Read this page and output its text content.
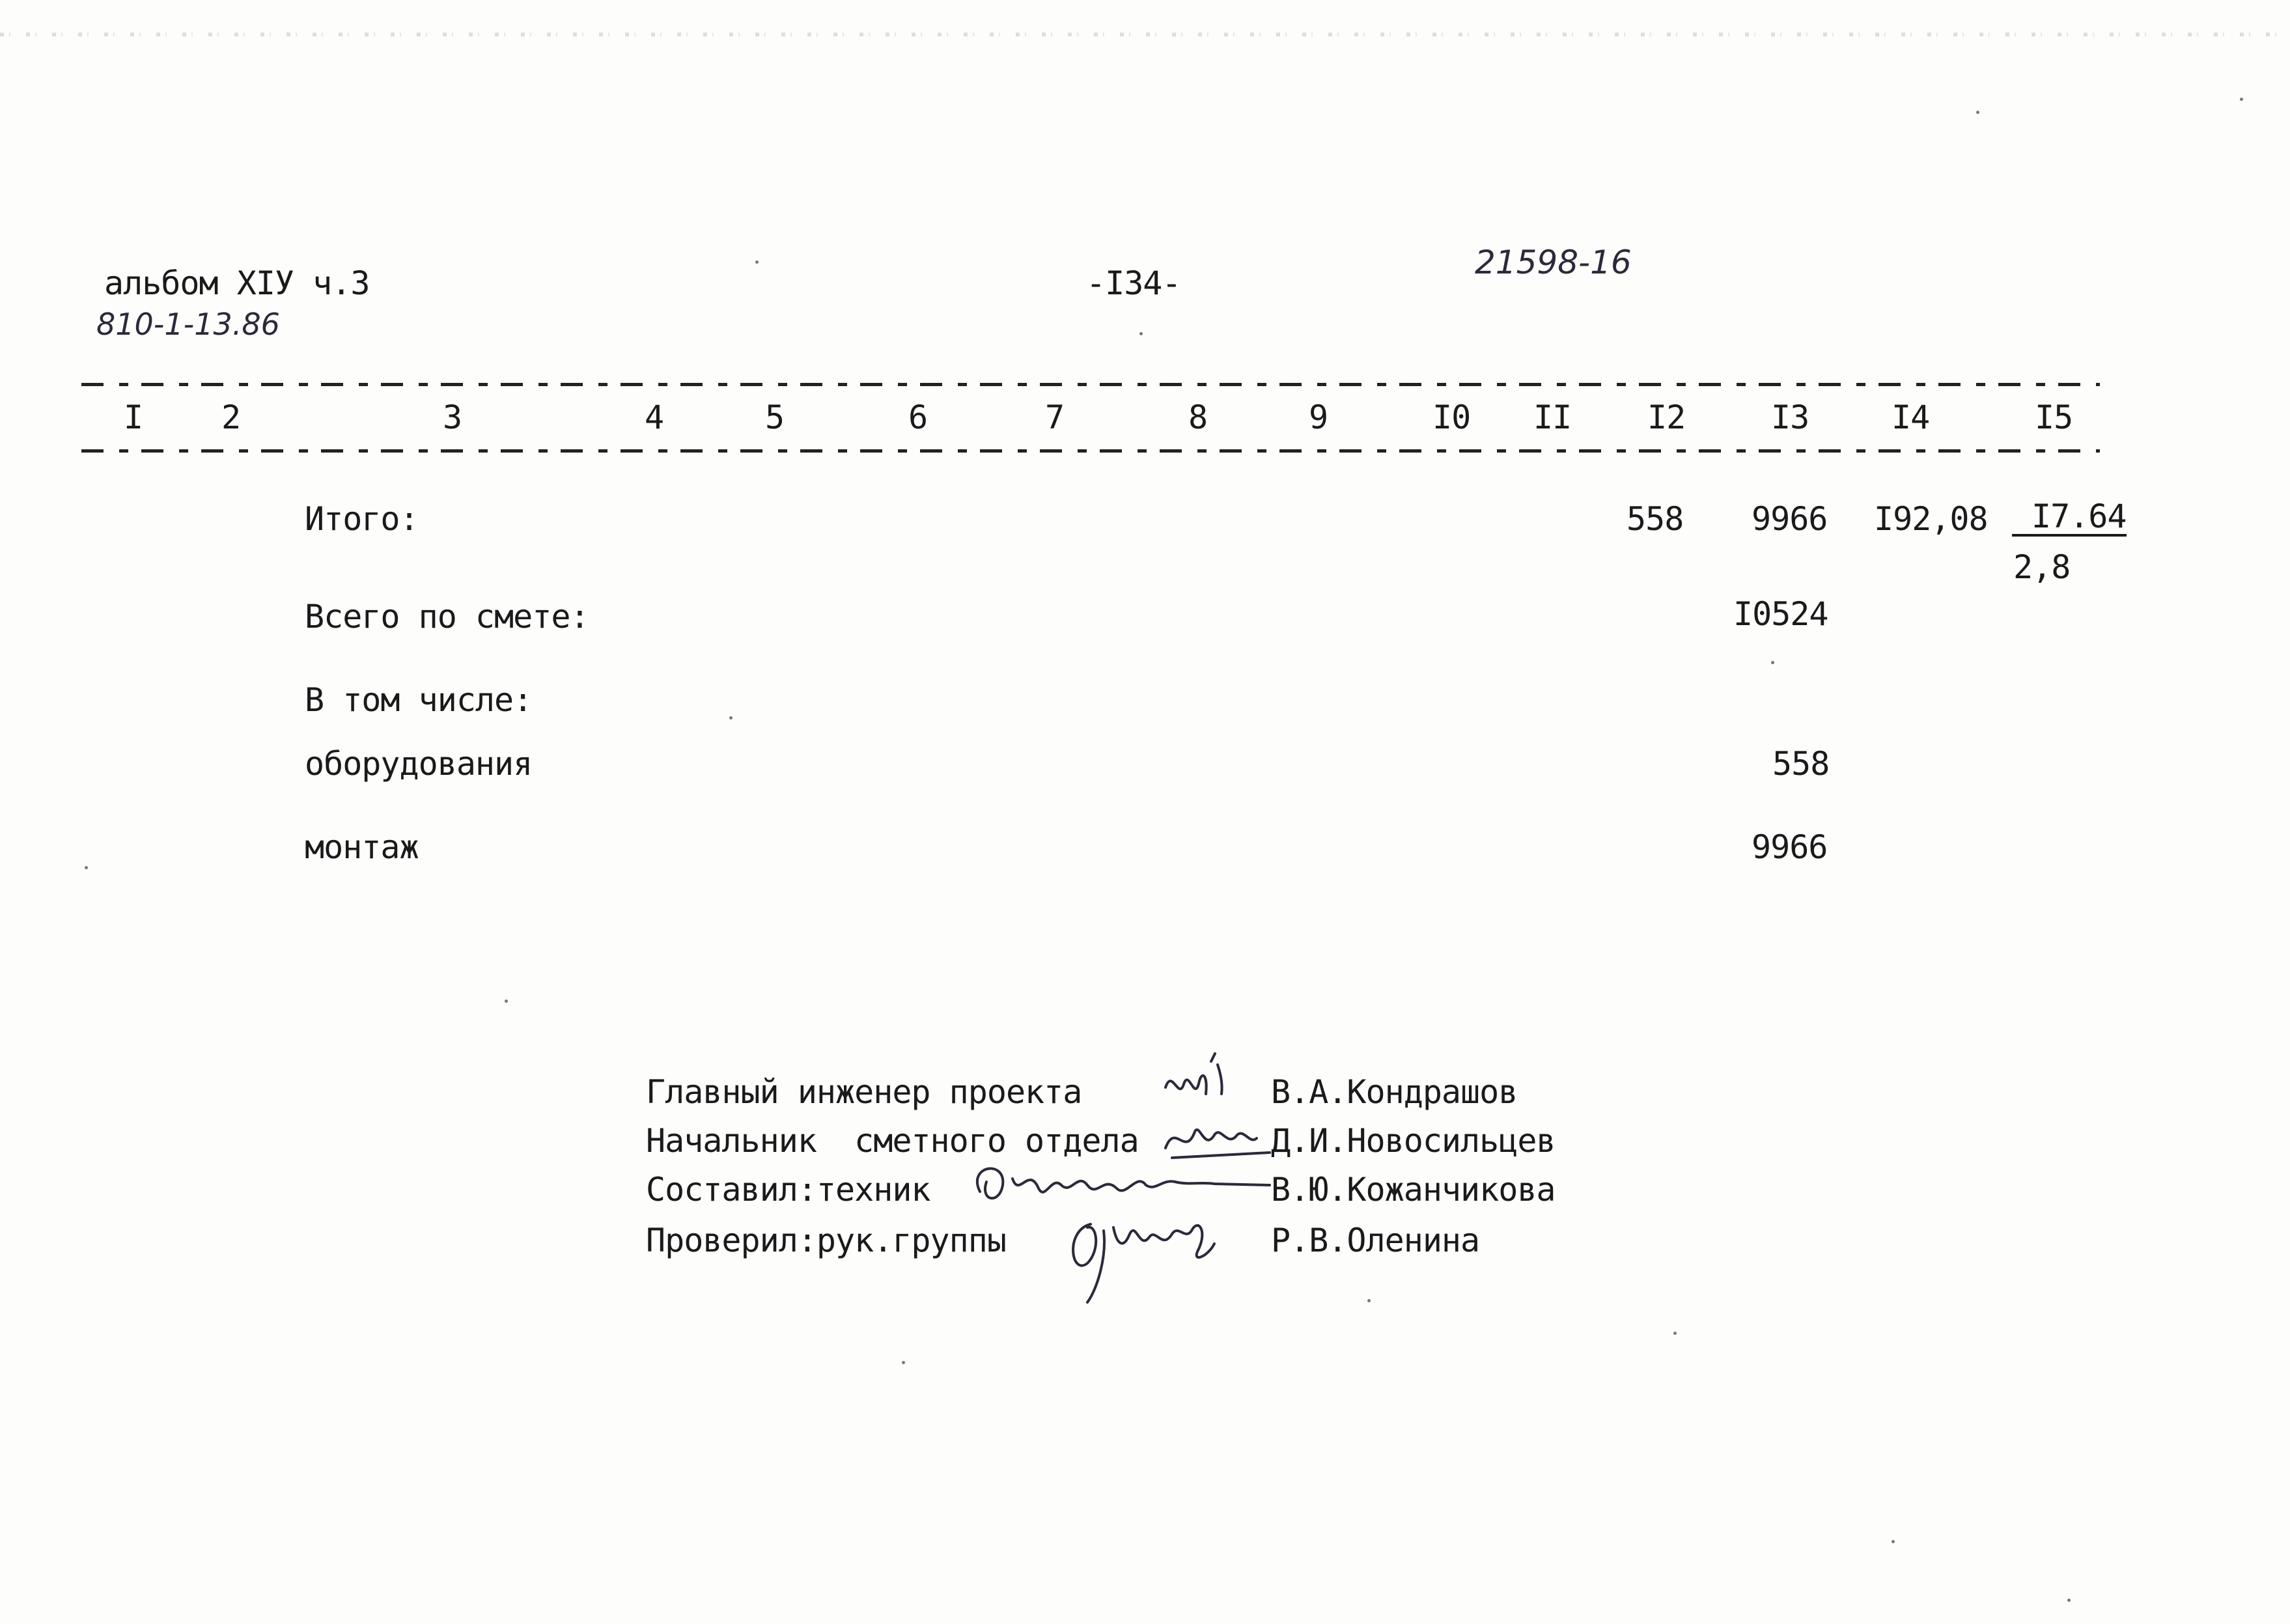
альбом XIУ ч.3
810-1-13.86
-I34-
21598-16
I 2	3	4	5	6	7	8	9	I0 II I2	I3	I4	I5
Итого:	558 9966 I92,08	I7.64
2,8
Всего по смете:	I0524
В том числе:
оборудования	558
монтаж	9966
Главный инженер проекта	В.А.Кондрашов
Начальник  сметного отдела	Д.И.Новосильцев
Составил:техник	В.Ю.Кожанчикова
Проверил:рук.группы	Р.В.Оленина
